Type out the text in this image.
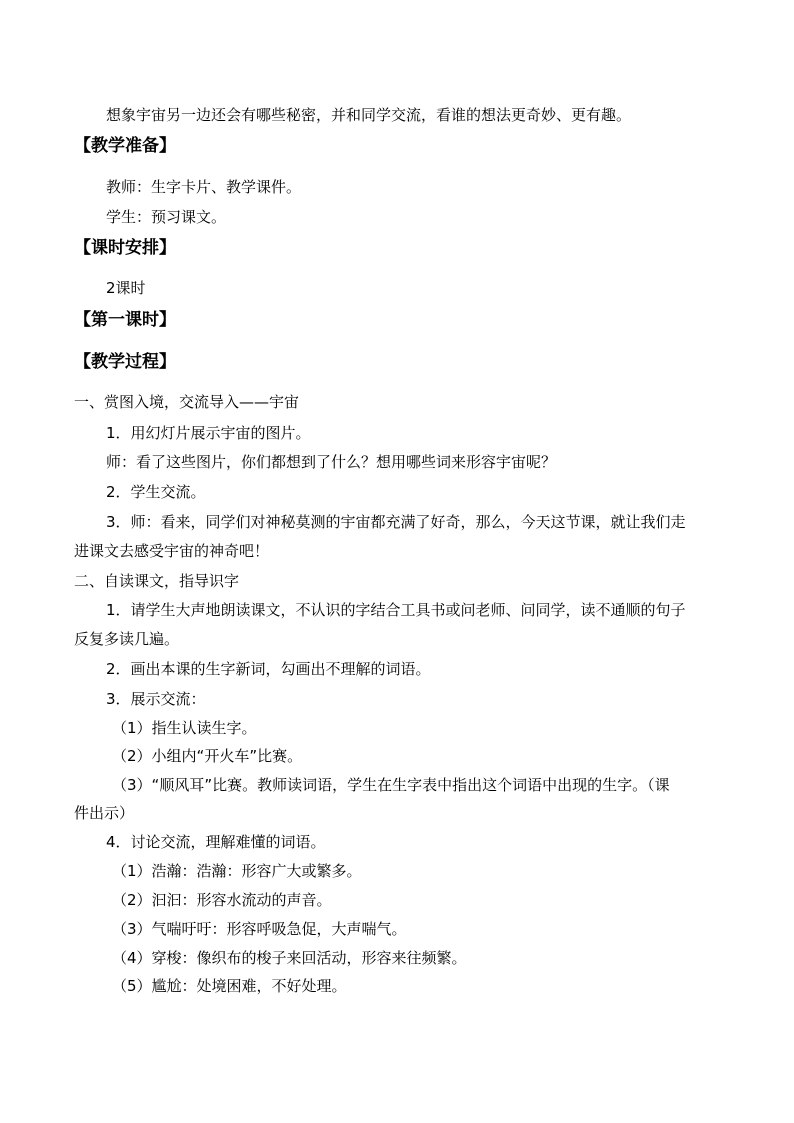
想象宇宙另一边还会有哪些秘密，并和同学交流，看谁的想法更奇妙、更有趣。
【教学准备】
教师：生字卡片、教学课件。
学生：预习课文。
【课时安排】
2课时
【第一课时】
【教学过程】
一、赏图入境，交流导入——宇宙
1．用幻灯片展示宇宙的图片。
师：看了这些图片，你们都想到了什么？想用哪些词来形容宇宙呢？
2．学生交流。
3．师：看来，同学们对神秘莫测的宇宙都充满了好奇，那么，今天这节课，就让我们走
进课文去感受宇宙的神奇吧！
二、自读课文，指导识字
1．请学生大声地朗读课文，不认识的字结合工具书或问老师、问同学，读不通顺的句子
反复多读几遍。
2．画出本课的生字新词，勾画出不理解的词语。
3．展示交流：
（1）指生认读生字。
（2）小组内“开火车”比赛。
（3）“顺风耳”比赛。教师读词语，学生在生字表中指出这个词语中出现的生字。（课
件出示）
4．讨论交流，理解难懂的词语。
（1）浩瀚：浩瀚：形容广大或繁多。
（2）汩汩：形容水流动的声音。
（3）气喘吁吁：形容呼吸急促，大声喘气。
（4）穿梭：像织布的梭子来回活动，形容来往频繁。
（5）尴尬：处境困难，不好处理。
